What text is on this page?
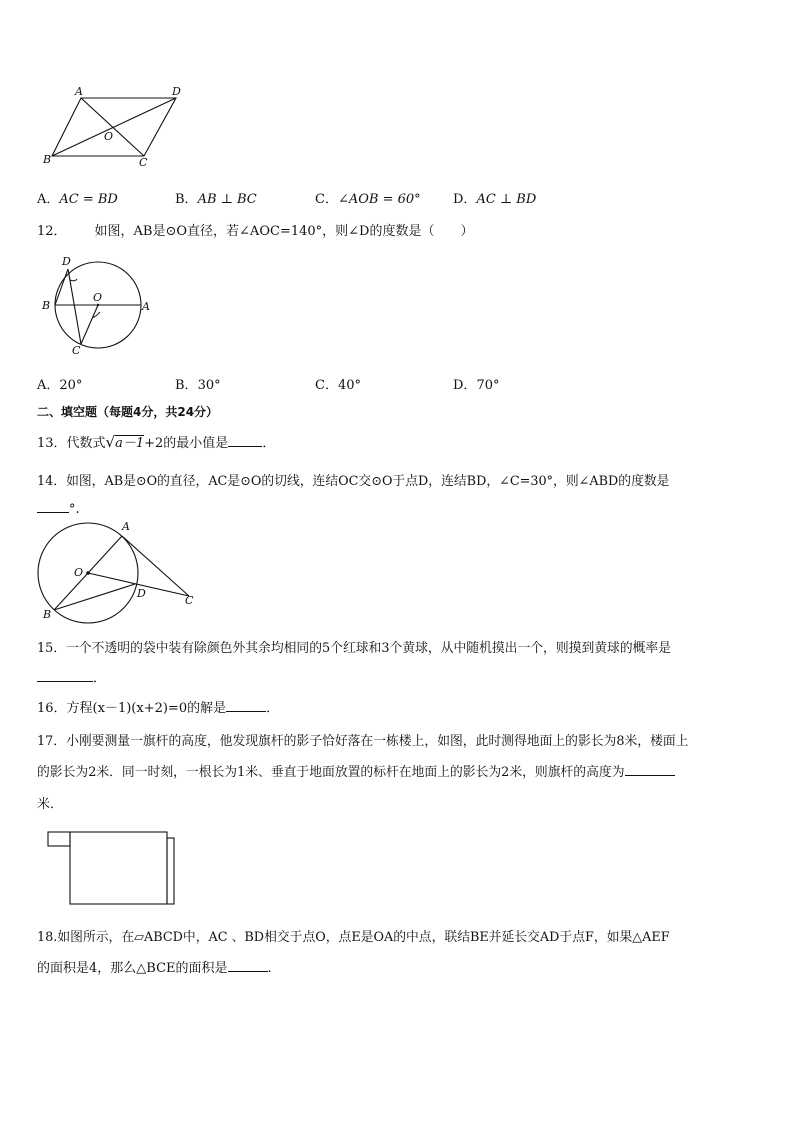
A	D
B	C
O
A．AC = BD	B．AB ⊥ BC	C．∠AOB = 60° D．AC ⊥ BD
12． 如图，AB是⊙O直径，若∠AOC=140°，则∠D的度数是（　　）
D
B
O
A
C
A．20°	B．30°	C．40°	D．70°
二、填空题（每题4分，共24分）
13．代数式√a－1+2的最小值是	．
14．如图，AB是⊙O的直径，AC是⊙O的切线，连结OC交⊙O于点D，连结BD，∠C=30°，则∠ABD的度数是
°.
A
O
D
C
B
15．一个不透明的袋中装有除颜色外其余均相同的5个红球和3个黄球，从中随机摸出一个，则摸到黄球的概率是
．
16．方程(x－1)(x+2)=0的解是	．
17．小刚要测量一旗杆的高度，他发现旗杆的影子恰好落在一栋楼上，如图，此时测得地面上的影长为8米，楼面上
的影长为2米．同一时刻，一根长为1米、垂直于地面放置的标杆在地面上的影长为2米，则旗杆的高度为
米．
18.如图所示，在▱ABCD中，AC 、BD相交于点O，点E是OA的中点，联结BE并延长交AD于点F，如果△AEF
的面积是4，那么△BCE的面积是	.
